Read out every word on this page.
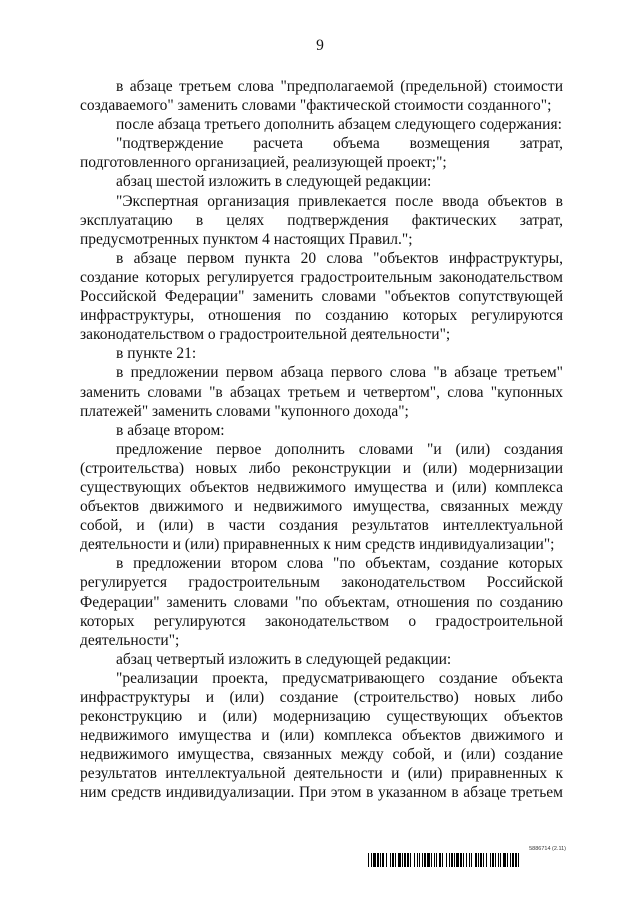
9

в абзаце третьем слова "предполагаемой (предельной) стоимости создаваемого" заменить словами "фактической стоимости созданного";

после абзаца третьего дополнить абзацем следующего содержания:

"подтверждение расчета объема возмещения затрат, подготовленного организацией, реализующей проект;";

абзац шестой изложить в следующей редакции:

"Экспертная организация привлекается после ввода объектов в эксплуатацию в целях подтверждения фактических затрат, предусмотренных пунктом 4 настоящих Правил.";

в абзаце первом пункта 20 слова "объектов инфраструктуры, создание которых регулируется градостроительным законодательством Российской Федерации" заменить словами "объектов сопутствующей инфраструктуры, отношения по созданию которых регулируются законодательством о градостроительной деятельности";

в пункте 21:

в предложении первом абзаца первого слова "в абзаце третьем" заменить словами "в абзацах третьем и четвертом", слова "купонных платежей" заменить словами "купонного дохода";

в абзаце втором:

предложение первое дополнить словами "и (или) создания (строительства) новых либо реконструкции и (или) модернизации существующих объектов недвижимого имущества и (или) комплекса объектов движимого и недвижимого имущества, связанных между собой, и (или) в части создания результатов интеллектуальной деятельности и (или) приравненных к ним средств индивидуализации";

в предложении втором слова "по объектам, создание которых регулируется градостроительным законодательством Российской Федерации" заменить словами "по объектам, отношения по созданию которых регулируются законодательством о градостроительной деятельности";

абзац четвертый изложить в следующей редакции:

"реализации проекта, предусматривающего создание объекта инфраструктуры и (или) создание (строительство) новых либо реконструкцию и (или) модернизацию существующих объектов недвижимого имущества и (или) комплекса объектов движимого и недвижимого имущества, связанных между собой, и (или) создание результатов интеллектуальной деятельности и (или) приравненных к ним средств индивидуализации. При этом в указанном в абзаце третьем

5886714 (2.11)
